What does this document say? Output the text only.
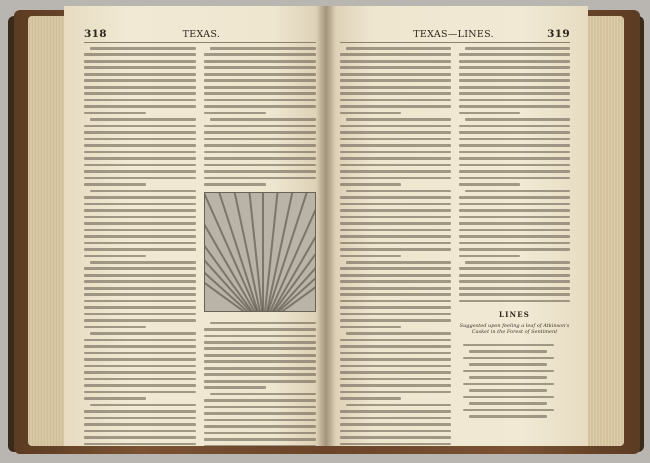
318	TEXAS.	TEXAS—LINES.	319
LINES
Suggested upon feeling a leaf of Atkinson's Casket in the Forest of Sentiment
